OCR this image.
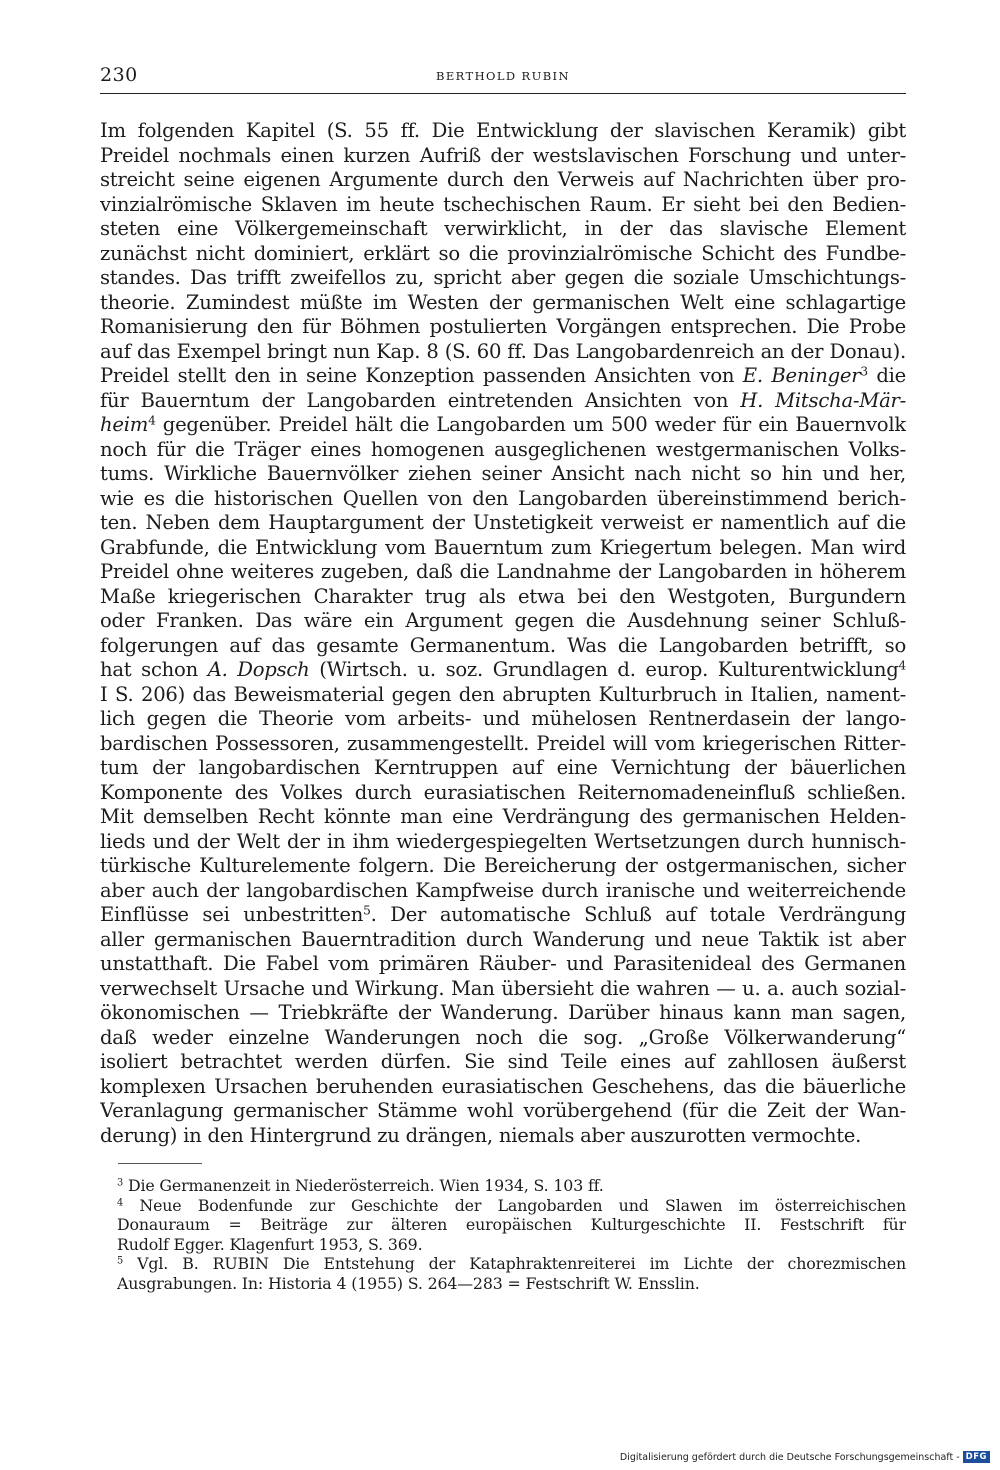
230	BERTHOLD RUBIN
Im folgenden Kapitel (S. 55 ff. Die Entwicklung der slavischen Keramik) gibt
Preidel nochmals einen kurzen Aufriß der westslavischen Forschung und unter-
streicht seine eigenen Argumente durch den Verweis auf Nachrichten über pro-
vinzialrömische Sklaven im heute tschechischen Raum. Er sieht bei den Bedien-
steten eine Völkergemeinschaft verwirklicht, in der das slavische Element
zunächst nicht dominiert, erklärt so die provinzialrömische Schicht des Fundbe-
standes. Das trifft zweifellos zu, spricht aber gegen die soziale Umschichtungs-
theorie. Zumindest müßte im Westen der germanischen Welt eine schlagartige
Romanisierung den für Böhmen postulierten Vorgängen entsprechen. Die Probe
auf das Exempel bringt nun Kap. 8 (S. 60 ff. Das Langobardenreich an der Donau).
Preidel stellt den in seine Konzeption passenden Ansichten von E. Beninger$^3$ die
für Bauerntum der Langobarden eintretenden Ansichten von H. Mitscha-Mär-
heim$^4$ gegenüber. Preidel hält die Langobarden um 500 weder für ein Bauernvolk
noch für die Träger eines homogenen ausgeglichenen westgermanischen Volks-
tums. Wirkliche Bauernvölker ziehen seiner Ansicht nach nicht so hin und her,
wie es die historischen Quellen von den Langobarden übereinstimmend berich-
ten. Neben dem Hauptargument der Unstetigkeit verweist er namentlich auf die
Grabfunde, die Entwicklung vom Bauerntum zum Kriegertum belegen. Man wird
Preidel ohne weiteres zugeben, daß die Landnahme der Langobarden in höherem
Maße kriegerischen Charakter trug als etwa bei den Westgoten, Burgundern
oder Franken. Das wäre ein Argument gegen die Ausdehnung seiner Schluß-
folgerungen auf das gesamte Germanentum. Was die Langobarden betrifft, so
hat schon A. Dopsch (Wirtsch. u. soz. Grundlagen d. europ. Kulturentwicklung$^4$
I S. 206) das Beweismaterial gegen den abrupten Kulturbruch in Italien, nament-
lich gegen die Theorie vom arbeits- und mühelosen Rentnerdasein der lango-
bardischen Possessoren, zusammengestellt. Preidel will vom kriegerischen Ritter-
tum der langobardischen Kerntruppen auf eine Vernichtung der bäuerlichen
Komponente des Volkes durch eurasiatischen Reiternomadeneinfluß schließen.
Mit demselben Recht könnte man eine Verdrängung des germanischen Helden-
lieds und der Welt der in ihm wiedergespiegelten Wertsetzungen durch hunnisch-
türkische Kulturelemente folgern. Die Bereicherung der ostgermanischen, sicher
aber auch der langobardischen Kampfweise durch iranische und weiterreichende
Einflüsse sei unbestritten$^5$. Der automatische Schluß auf totale Verdrängung
aller germanischen Bauerntradition durch Wanderung und neue Taktik ist aber
unstatthaft. Die Fabel vom primären Räuber- und Parasitenideal des Germanen
verwechselt Ursache und Wirkung. Man übersieht die wahren — u. a. auch sozial-
ökonomischen — Triebkräfte der Wanderung. Darüber hinaus kann man sagen,
daß weder einzelne Wanderungen noch die sog. „Große Völkerwanderung“
isoliert betrachtet werden dürfen. Sie sind Teile eines auf zahllosen äußerst
komplexen Ursachen beruhenden eurasiatischen Geschehens, das die bäuerliche
Veranlagung germanischer Stämme wohl vorübergehend (für die Zeit der Wan-
derung) in den Hintergrund zu drängen, niemals aber auszurotten vermochte.
$^3$ Die Germanenzeit in Niederösterreich. Wien 1934, S. 103 ff.
$^4$ Neue Bodenfunde zur Geschichte der Langobarden und Slawen im österreichischen
Donauraum = Beiträge zur älteren europäischen Kulturgeschichte II. Festschrift für
Rudolf Egger. Klagenfurt 1953, S. 369.
$^5$ Vgl. B. RUBIN Die Entstehung der Kataphraktenreiterei im Lichte der chorezmischen
Ausgrabungen. In: Historia 4 (1955) S. 264—283 = Festschrift W. Ensslin.
Digitalisierung gefördert durch die Deutsche Forschungsgemeinschaft - DFG
